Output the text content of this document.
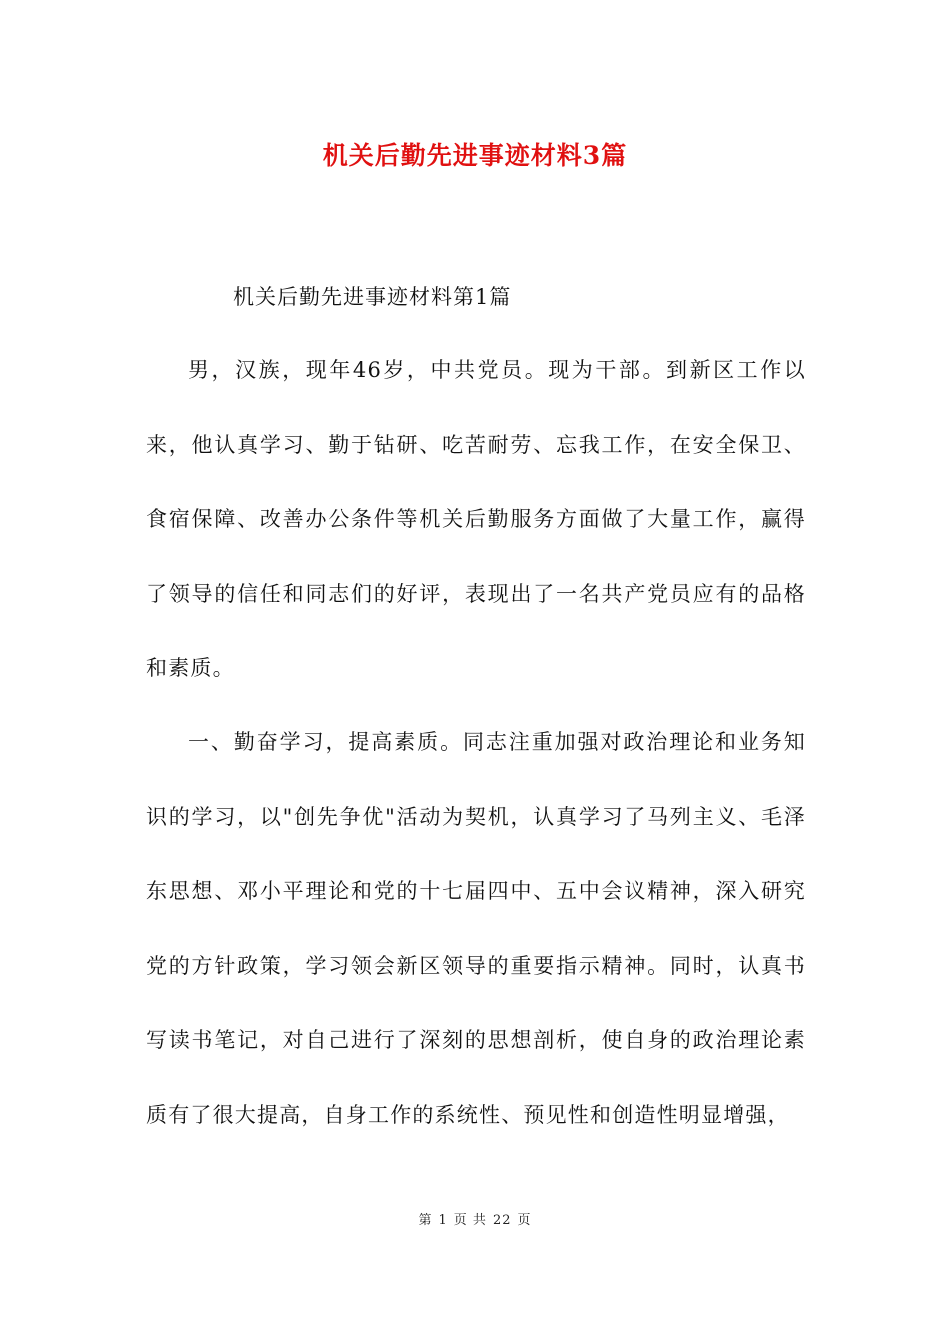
机关后勤先进事迹材料3篇
机关后勤先进事迹材料第1篇

男，汉族，现年46岁，中共党员。现为干部。到新区工作以来，他认真学习、勤于钻研、吃苦耐劳、忘我工作，在安全保卫、食宿保障、改善办公条件等机关后勤服务方面做了大量工作，赢得了领导的信任和同志们的好评，表现出了一名共产党员应有的品格和素质。

一、勤奋学习，提高素质。同志注重加强对政治理论和业务知识的学习，以"创先争优"活动为契机，认真学习了马列主义、毛泽东思想、邓小平理论和党的十七届四中、五中会议精神，深入研究党的方针政策，学习领会新区领导的重要指示精神。同时，认真书写读书笔记，对自己进行了深刻的思想剖析，使自身的政治理论素质有了很大提高，自身工作的系统性、预见性和创造性明显增强，

第 1 页 共 22 页
